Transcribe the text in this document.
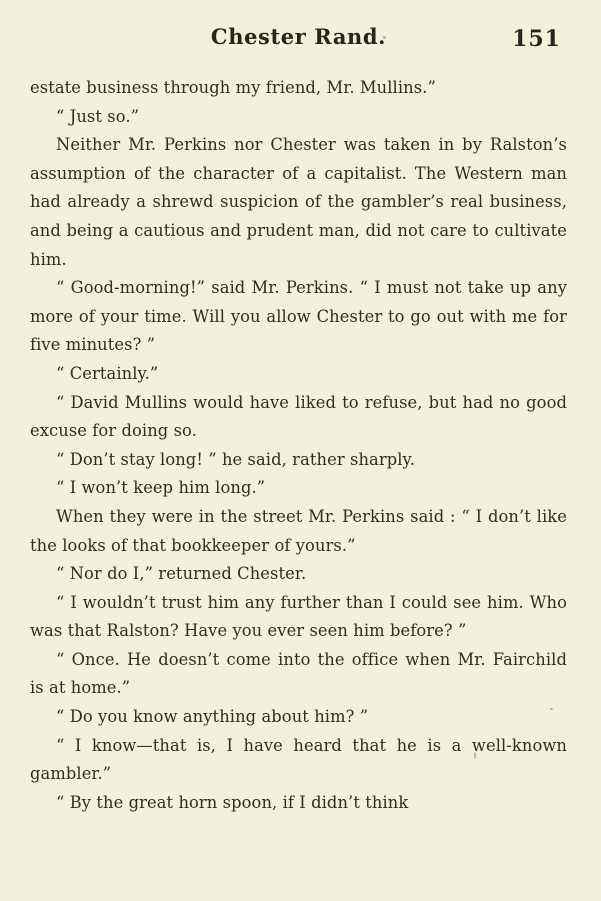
Chester Rand.	151

estate business through my friend, Mr. Mullins.”

“ Just so.”

Neither Mr. Perkins nor Chester was taken in by Ralston’s assumption of the character of a capitalist. The Western man had already a shrewd suspicion of the gambler’s real business, and being a cautious and prudent man, did not care to cultivate him.

“ Good-morning!” said Mr. Perkins. “ I must not take up any more of your time. Will you allow Chester to go out with me for five minutes? ”

“ Certainly.”

“ David Mullins would have liked to refuse, but had no good excuse for doing so.

“ Don’t stay long! ” he said, rather sharply.

“ I won’t keep him long.”

When they were in the street Mr. Perkins said : “ I don’t like the looks of that bookkeeper of yours.”

“ Nor do I,” returned Chester.

“ I wouldn’t trust him any further than I could see him. Who was that Ralston? Have you ever seen him before? ”

“ Once. He doesn’t come into the office when Mr. Fairchild is at home.”

“ Do you know anything about him? ”

“ I know—that is, I have heard that he is a well-known gambler.”

“ By the great horn spoon, if I didn’t think
